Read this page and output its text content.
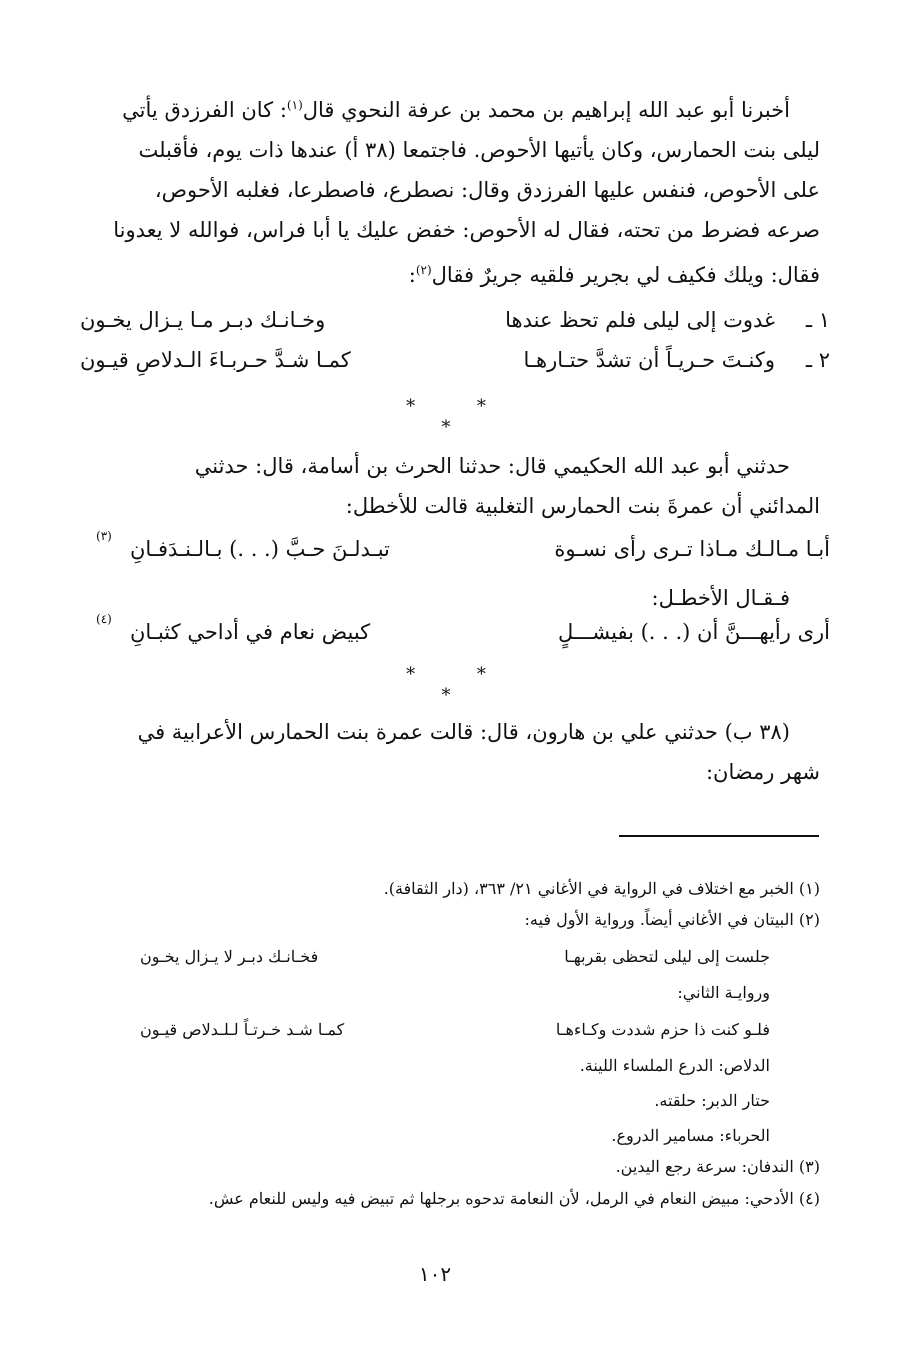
أخبرنا أبو عبد الله إبراهيم بن محمد بن عرفة النحوي قال$^{(١)}$: كان الفرزدق يأتي

ليلى بنت الحمارس، وكان يأتيها الأحوص. فاجتمعا (٣٨ أ) عندها ذات يوم، فأقبلت

على الأحوص، فنفس عليها الفرزدق وقال: نصطرع، فاصطرعا، فغلبه الأحوص،

صرعه فضرط من تحته، فقال له الأحوص: خفض عليك يا أبا فراس، فوالله لا يعدونا

فقال: ويلك فكيف لي بجرير فلقيه جريرٌ فقال$^{(٢)}$:

١ ـ
غدوت إلى ليلى فلم تحظ عندها
وخـانـك دبـر مـا يـزال يخـون
٢ ـ
وكنـتَ حـريـاً أن تشدَّ حتـارهـا
كمـا شـدَّ حـربـاءَ الـدلاصِ قيـون
* * *

حدثني أبو عبد الله الحكيمي قال: حدثنا الحرث بن أسامة، قال: حدثني

المدائني أن عمرةَ بنت الحمارس التغلبية قالت للأخطل:

أبـا مـالـك مـاذا تـرى رأى نسـوة
تبـدلـنَ حـبَّ (. . .) بـالـنـدَفـانِ
(٣)

فـقـال الأخطـل:

أرى رأيهـــنَّ أن (. . .) بفيشـــلٍ
كبيض نعام في أداحي كثبـانِ
(٤)
* * *

(٣٨ ب) حدثني علي بن هارون، قال: قالت عمرة بنت الحمارس الأعرابية في

شهر رمضان:

(١) الخبر مع اختلاف في الرواية في الأغاني ٢١/ ٣٦٣، (دار الثقافة).
(٢) البيتان في الأغاني أيضاً. ورواية الأول فيه:
جلست إلى ليلى لتحظى بقربهـا
فخـانـك دبـر لا يـزال يخـون
وروايـة الثاني:
فلـو كنت ذا حزم شددت وكـاءهـا
كمـا شـد خـرتـاً لـلـدلاص قيـون
الدلاص: الدرع الملساء اللينة.
حتار الدبر: حلقته.
الحرباء: مسامير الدروع.
(٣) الندفان: سرعة رجع اليدين.
(٤) الأدحي: مبيض النعام في الرمل، لأن النعامة تدحوه برجلها ثم تبيض فيه وليس للنعام عش.
١٠٢
